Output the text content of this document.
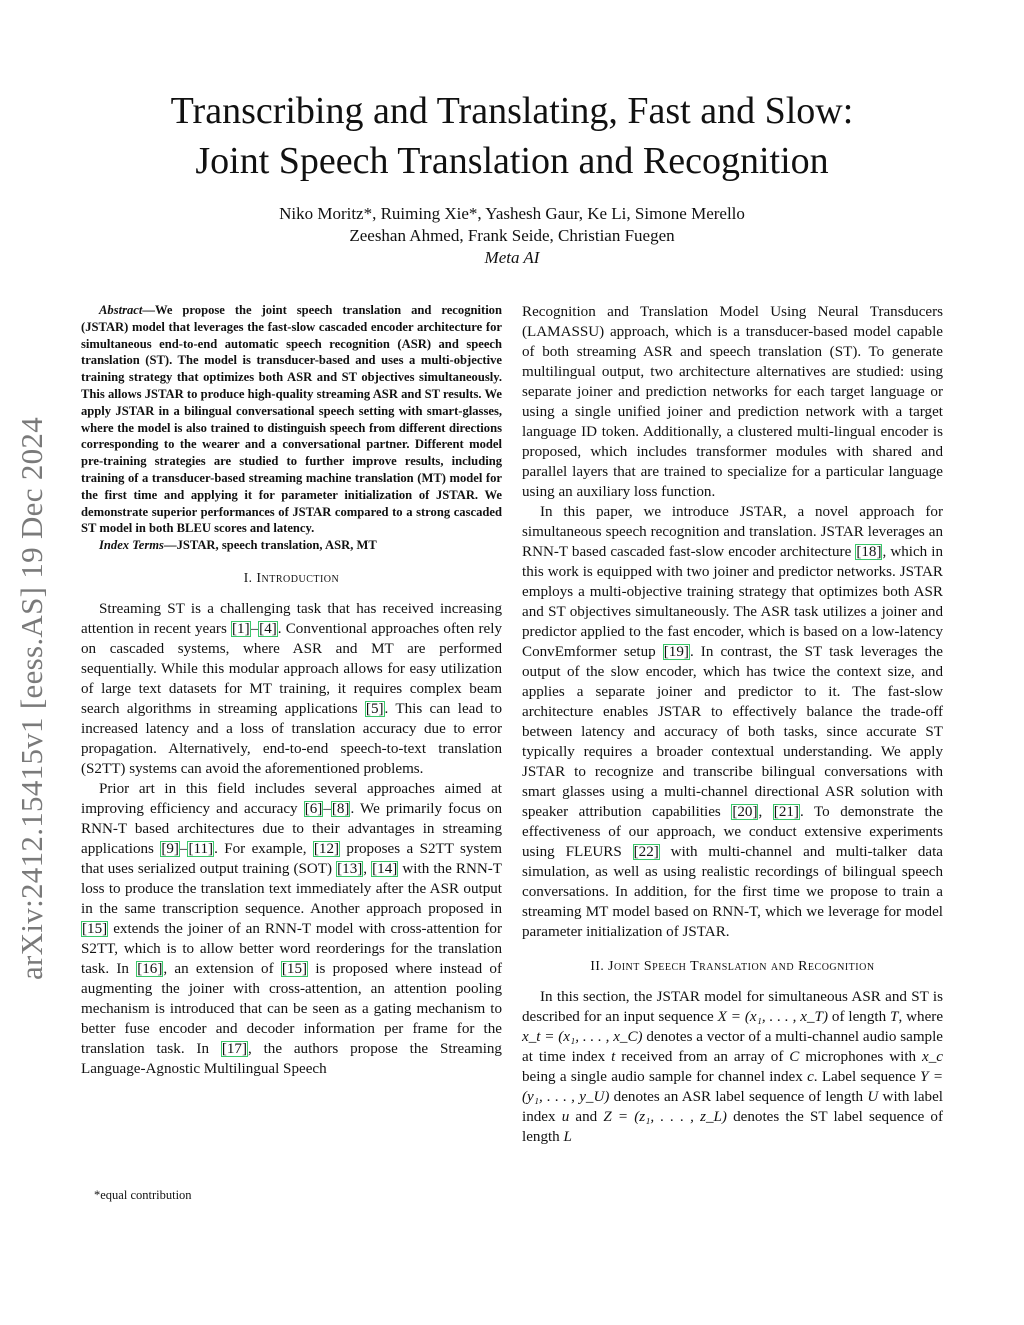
arXiv:2412.15415v1 [eess.AS] 19 Dec 2024
Transcribing and Translating, Fast and Slow:
Joint Speech Translation and Recognition
Niko Moritz*, Ruiming Xie*, Yashesh Gaur, Ke Li, Simone Merello
Zeeshan Ahmed, Frank Seide, Christian Fuegen
Meta AI

Abstract—We propose the joint speech translation and recognition (JSTAR) model that leverages the fast-slow cascaded encoder architecture for simultaneous end-to-end automatic speech recognition (ASR) and speech translation (ST). The model is transducer-based and uses a multi-objective training strategy that optimizes both ASR and ST objectives simultaneously. This allows JSTAR to produce high-quality streaming ASR and ST results. We apply JSTAR in a bilingual conversational speech setting with smart-glasses, where the model is also trained to distinguish speech from different directions corresponding to the wearer and a conversational partner. Different model pre-training strategies are studied to further improve results, including training of a transducer-based streaming machine translation (MT) model for the first time and applying it for parameter initialization of JSTAR. We demonstrate superior performances of JSTAR compared to a strong cascaded ST model in both BLEU scores and latency.

Index Terms—JSTAR, speech translation, ASR, MT

I. Introduction

Streaming ST is a challenging task that has received increasing attention in recent years [1]–[4]. Conventional approaches often rely on cascaded systems, where ASR and MT are performed sequentially. While this modular approach allows for easy utilization of large text datasets for MT training, it requires complex beam search algorithms in streaming applications [5]. This can lead to increased latency and a loss of translation accuracy due to error propagation. Alternatively, end-to-end speech-to-text translation (S2TT) systems can avoid the aforementioned problems.

Prior art in this field includes several approaches aimed at improving efficiency and accuracy [6]–[8]. We primarily focus on RNN-T based architectures due to their advantages in streaming applications [9]–[11]. For example, [12] proposes a S2TT system that uses serialized output training (SOT) [13], [14] with the RNN-T loss to produce the translation text immediately after the ASR output in the same transcription sequence. Another approach proposed in [15] extends the joiner of an RNN-T model with cross-attention for S2TT, which is to allow better word reorderings for the translation task. In [16], an extension of [15] is proposed where instead of augmenting the joiner with cross-attention, an attention pooling mechanism is introduced that can be seen as a gating mechanism to better fuse encoder and decoder information per frame for the translation task. In [17], the authors propose the Streaming Language-Agnostic Multilingual Speech

*equal contribution

Recognition and Translation Model Using Neural Transducers (LAMASSU) approach, which is a transducer-based model capable of both streaming ASR and speech translation (ST). To generate multilingual output, two architecture alternatives are studied: using separate joiner and prediction networks for each target language or using a single unified joiner and prediction network with a target language ID token. Additionally, a clustered multi-lingual encoder is proposed, which includes transformer modules with shared and parallel layers that are trained to specialize for a particular language using an auxiliary loss function.

In this paper, we introduce JSTAR, a novel approach for simultaneous speech recognition and translation. JSTAR leverages an RNN-T based cascaded fast-slow encoder architecture [18], which in this work is equipped with two joiner and predictor networks. JSTAR employs a multi-objective training strategy that optimizes both ASR and ST objectives simultaneously. The ASR task utilizes a joiner and predictor applied to the fast encoder, which is based on a low-latency ConvEmformer setup [19]. In contrast, the ST task leverages the output of the slow encoder, which has twice the context size, and applies a separate joiner and predictor to it. The fast-slow architecture enables JSTAR to effectively balance the trade-off between latency and accuracy of both tasks, since accurate ST typically requires a broader contextual understanding. We apply JSTAR to recognize and transcribe bilingual conversations with smart glasses using a multi-channel directional ASR solution with speaker attribution capabilities [20], [21]. To demonstrate the effectiveness of our approach, we conduct extensive experiments using FLEURS [22] with multi-channel and multi-talker data simulation, as well as using realistic recordings of bilingual speech conversations. In addition, for the first time we propose to train a streaming MT model based on RNN-T, which we leverage for model parameter initialization of JSTAR.

II. Joint Speech Translation and Recognition

In this section, the JSTAR model for simultaneous ASR and ST is described for an input sequence X = (x₁, . . . , x_T) of length T, where x_t = (x₁, . . . , x_C) denotes a vector of a multi-channel audio sample at time index t received from an array of C microphones with x_c being a single audio sample for channel index c. Label sequence Y = (y₁, . . . , y_U) denotes an ASR label sequence of length U with label index u and Z = (z₁, . . . , z_L) denotes the ST label sequence of length L
